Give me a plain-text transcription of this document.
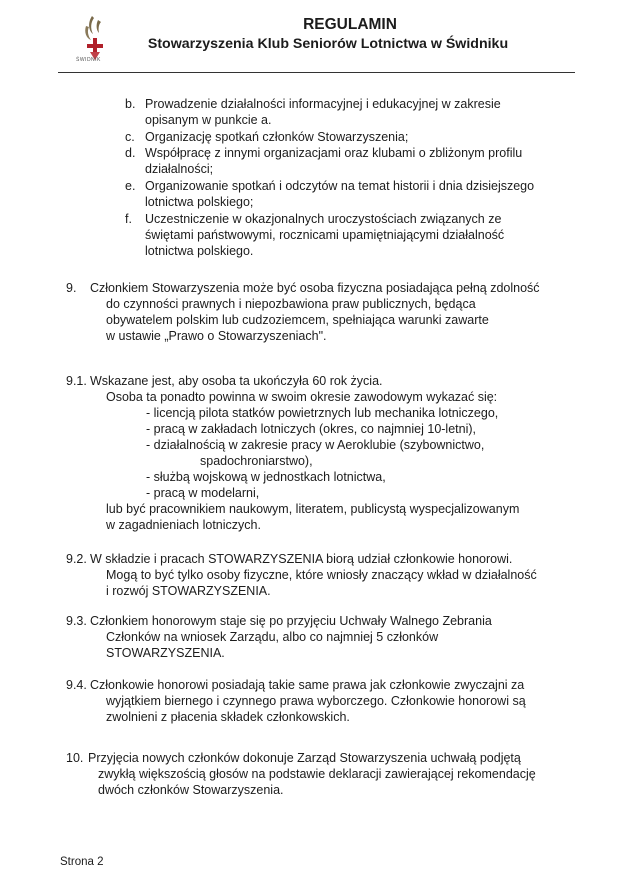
ŚWIDNIK
REGULAMIN
Stowarzyszenia Klub Seniorów Lotnictwa w Świdniku
b. Prowadzenie działalności informacyjnej i edukacyjnej w zakresie
opisanym w punkcie a.
c. Organizację spotkań członków Stowarzyszenia;
d. Współpracę z innymi organizacjami oraz klubami o zbliżonym profilu
działalności;
e. Organizowanie spotkań i odczytów na temat historii i dnia dzisiejszego
lotnictwa polskiego;
f. Uczestniczenie w okazjonalnych uroczystościach związanych ze
świętami państwowymi, rocznicami upamiętniającymi działalność
lotnictwa polskiego.
9. Członkiem Stowarzyszenia może być osoba fizyczna posiadająca pełną zdolność
do czynności prawnych i niepozbawiona praw publicznych, będąca
obywatelem polskim lub cudzoziemcem, spełniająca warunki zawarte
w ustawie „Prawo o Stowarzyszeniach".
9.1. Wskazane jest, aby osoba ta ukończyła 60 rok życia.
Osoba ta ponadto powinna w swoim okresie zawodowym wykazać się:
- licencją pilota statków powietrznych lub mechanika lotniczego,
- pracą w zakładach lotniczych (okres, co najmniej 10-letni),
- działalnością w zakresie pracy w Aeroklubie (szybownictwo,
spadochroniarstwo),
- służbą wojskową w jednostkach lotnictwa,
- pracą w modelarni,
lub być pracownikiem naukowym, literatem, publicystą wyspecjalizowanym
w zagadnieniach lotniczych.
9.2. W składzie i pracach STOWARZYSZENIA biorą udział członkowie honorowi.
Mogą to być tylko osoby fizyczne, które wniosły znaczący wkład w działalność
i rozwój STOWARZYSZENIA.
9.3. Członkiem honorowym staje się po przyjęciu Uchwały Walnego Zebrania
Członków na wniosek Zarządu, albo co najmniej 5 członków
STOWARZYSZENIA.
9.4. Członkowie honorowi posiadają takie same prawa jak członkowie zwyczajni za
wyjątkiem biernego i czynnego prawa wyborczego. Członkowie honorowi są
zwolnieni z płacenia składek członkowskich.
10. Przyjęcia nowych członków dokonuje Zarząd Stowarzyszenia uchwałą podjętą
zwykłą większością głosów na podstawie deklaracji zawierającej rekomendację
dwóch członków Stowarzyszenia.
Strona 2
